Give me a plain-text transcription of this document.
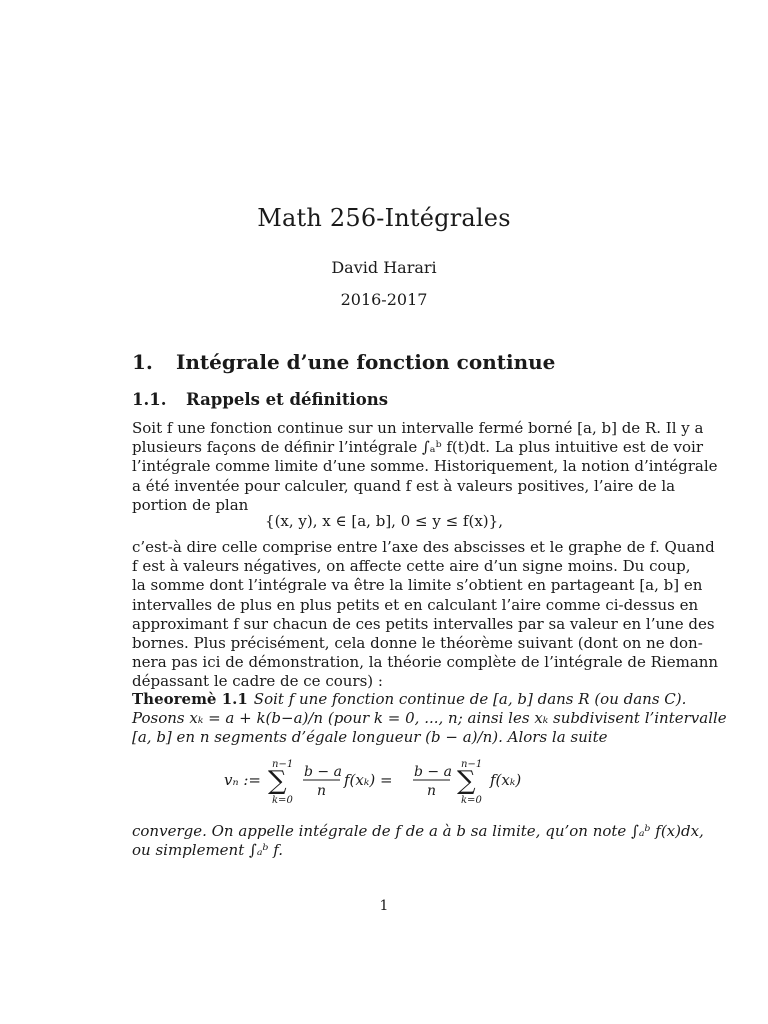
Math 256-Intégrales
David Harari
2016-2017
1. Intégrale d’une fonction continue
1.1. Rappels et définitions
Soit f une fonction continue sur un intervalle fermé borné [a, b] de R. Il y a
plusieurs façons de définir l’intégrale ∫ₐᵇ f(t)dt. La plus intuitive est de voir
l’intégrale comme limite d’une somme. Historiquement, la notion d’intégrale
a été inventée pour calculer, quand f est à valeurs positives, l’aire de la
portion de plan
{(x, y), x ∈ [a, b], 0 ≤ y ≤ f(x)},
c’est-à dire celle comprise entre l’axe des abscisses et le graphe de f. Quand
f est à valeurs négatives, on affecte cette aire d’un signe moins. Du coup,
la somme dont l’intégrale va être la limite s’obtient en partageant [a, b] en
intervalles de plus en plus petits et en calculant l’aire comme ci-dessus en
approximant f sur chacun de ces petits intervalles par sa valeur en l’une des
bornes. Plus précisément, cela donne le théorème suivant (dont on ne don-
nera pas ici de démonstration, la théorie complète de l’intégrale de Riemann
dépassant le cadre de ce cours) :
Theoremè 1.1 Soit f une fonction continue de [a, b] dans R (ou dans C).
Posons xₖ = a + k(b−a)/n (pour k = 0, ..., n; ainsi les xₖ subdivisent l’intervalle
[a, b] en n segments d’égale longueur (b − a)/n). Alors la suite
vₙ :=
n−1
∑
k=0
b − a
n
f(xₖ) = b − a
n
n−1
∑
k=0
f(xₖ)
converge. On appelle intégrale de f de a à b sa limite, qu’on note ∫ₐᵇ f(x)dx,
ou simplement ∫ₐᵇ f.
1
